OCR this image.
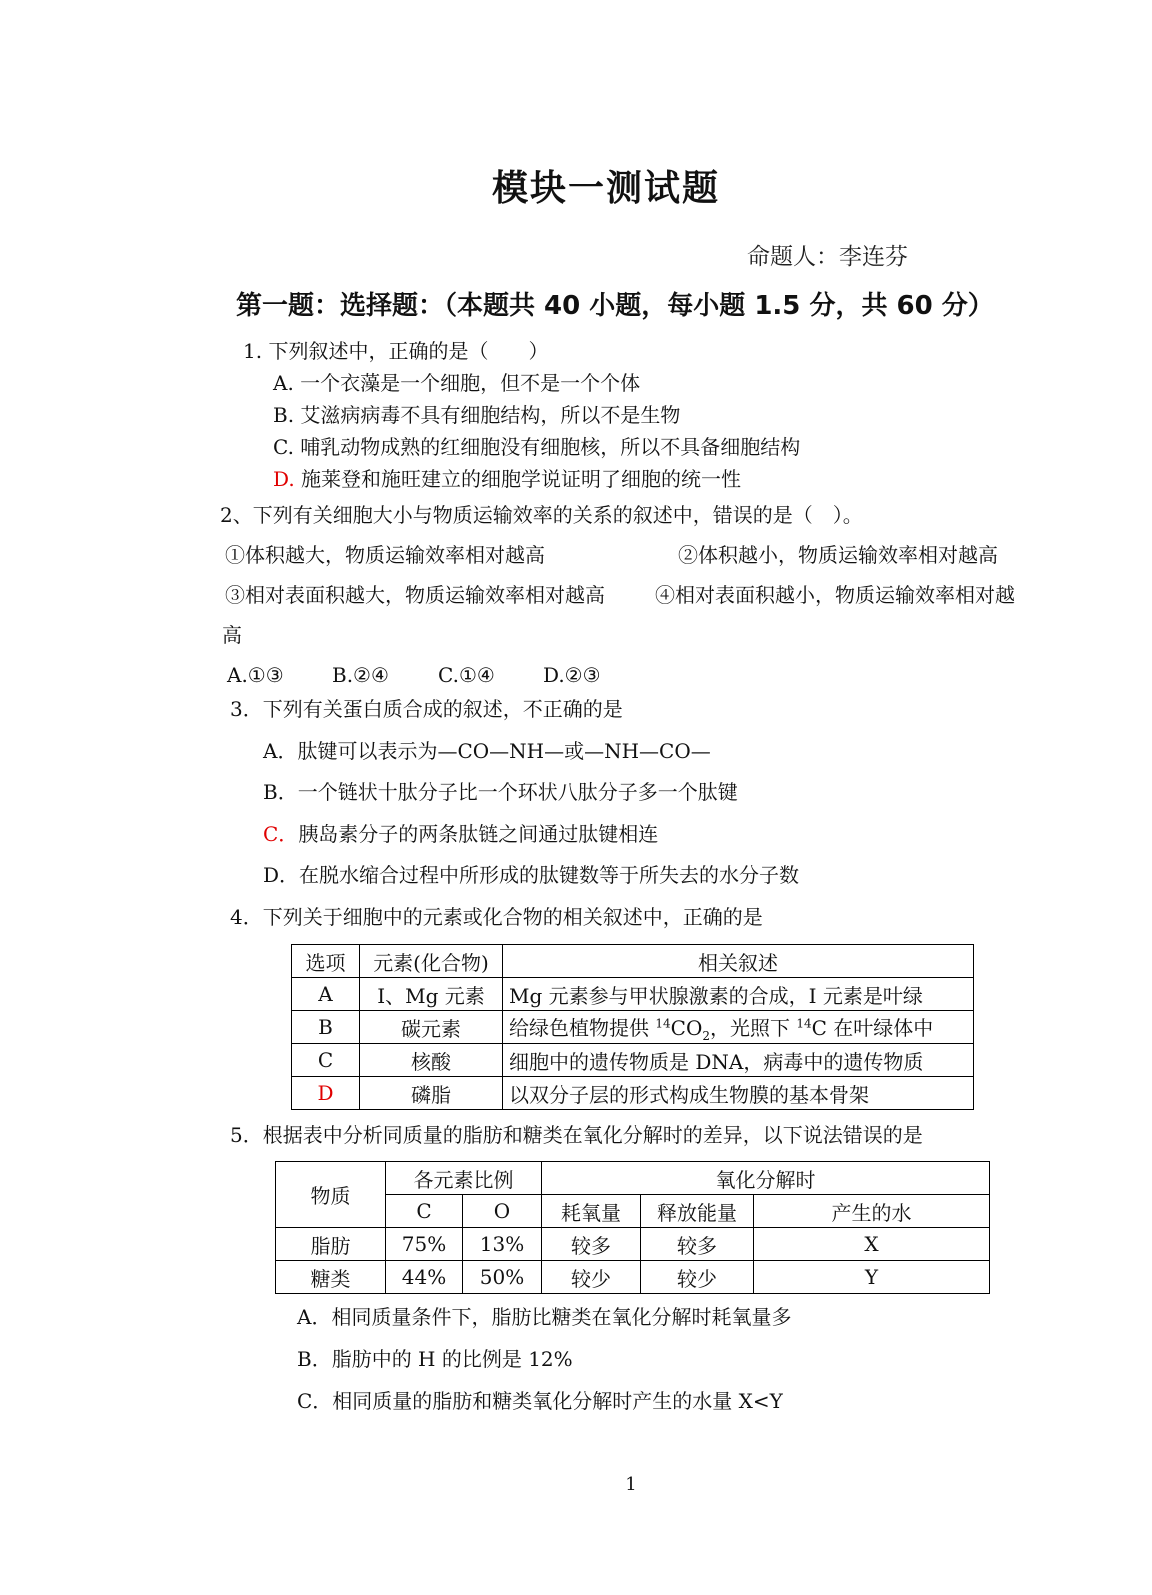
模块一测试题
命题人：李连芬
第一题：选择题：（本题共 40 小题，每小题 1.5 分，共 60 分）
1. 下列叙述中，正确的是（　　）
A. 一个衣藻是一个细胞，但不是一个个体
B. 艾滋病病毒不具有细胞结构，所以不是生物
C. 哺乳动物成熟的红细胞没有细胞核，所以不具备细胞结构
D. 施莱登和施旺建立的细胞学说证明了细胞的统一性
2、下列有关细胞大小与物质运输效率的关系的叙述中，错误的是（　）。
①体积越大，物质运输效率相对越高	②体积越小，物质运输效率相对越高
③相对表面积越大，物质运输效率相对越高	④相对表面积越小，物质运输效率相对越
高
A.①③ B.②④ C.①④ D.②③
3．下列有关蛋白质合成的叙述，不正确的是
A．肽键可以表示为—CO—NH—或—NH—CO—
B．一个链状十肽分子比一个环状八肽分子多一个肽键
C．胰岛素分子的两条肽链之间通过肽键相连
D．在脱水缩合过程中所形成的肽键数等于所失去的水分子数
4．下列关于细胞中的元素或化合物的相关叙述中，正确的是
选项	元素(化合物)	相关叙述
A	I、Mg 元素	Mg 元素参与甲状腺激素的合成，I 元素是叶绿
B	碳元素	给绿色植物提供 $^{14}CO_2$，光照下 $^{14}$C 在叶绿体中
C	核酸	细胞中的遗传物质是 DNA，病毒中的遗传物质
D	磷脂	以双分子层的形式构成生物膜的基本骨架
5．根据表中分析同质量的脂肪和糖类在氧化分解时的差异，以下说法错误的是
物质	各元素比例		氧化分解时		
	C	O	耗氧量	释放能量	产生的水
脂肪	75%	13%	较多	较多	X
糖类	44%	50%	较少	较少	Y
A．相同质量条件下，脂肪比糖类在氧化分解时耗氧量多
B．脂肪中的 H 的比例是 12%
C．相同质量的脂肪和糖类氧化分解时产生的水量 X<Y
1
